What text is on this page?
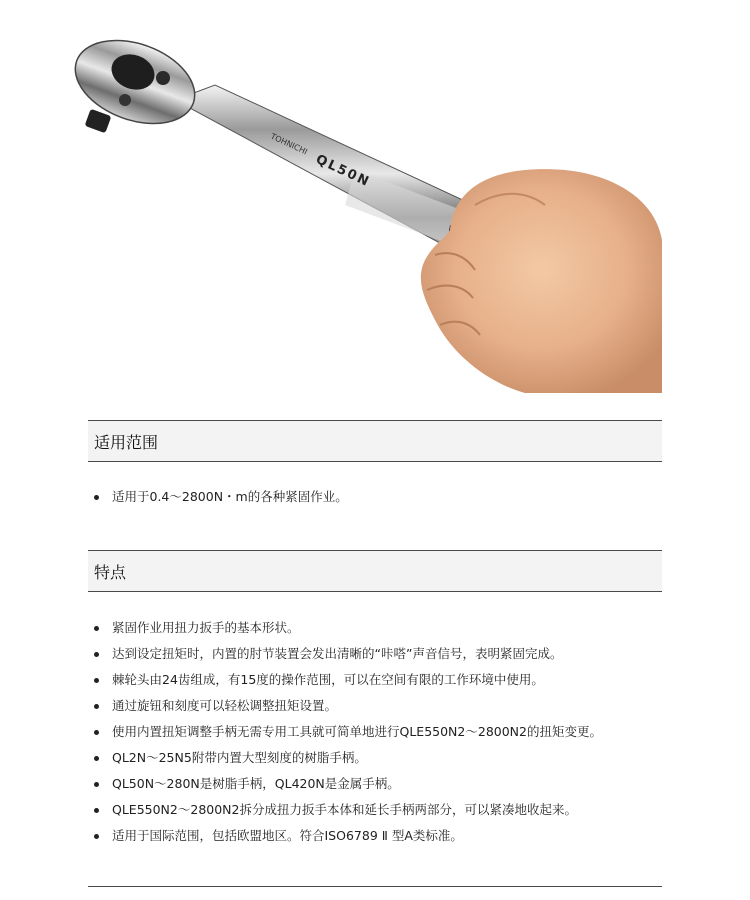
TOHNICHI
QL50N
适用范围
适用于0.4～2800N・m的各种紧固作业。
特点
紧固作业用扭力扳手的基本形状。
达到设定扭矩时，内置的肘节装置会发出清晰的“咔嗒”声音信号，表明紧固完成。
棘轮头由24齿组成，有15度的操作范围，可以在空间有限的工作环境中使用。
通过旋钮和刻度可以轻松调整扭矩设置。
使用内置扭矩调整手柄无需专用工具就可简单地进行QLE550N2～2800N2的扭矩变更。
QL2N～25N5附带内置大型刻度的树脂手柄。
QL50N～280N是树脂手柄，QL420N是金属手柄。
QLE550N2～2800N2拆分成扭力扳手本体和延长手柄两部分，可以紧凑地收起来。
适用于国际范围，包括欧盟地区。符合ISO6789 Ⅱ 型A类标准。
